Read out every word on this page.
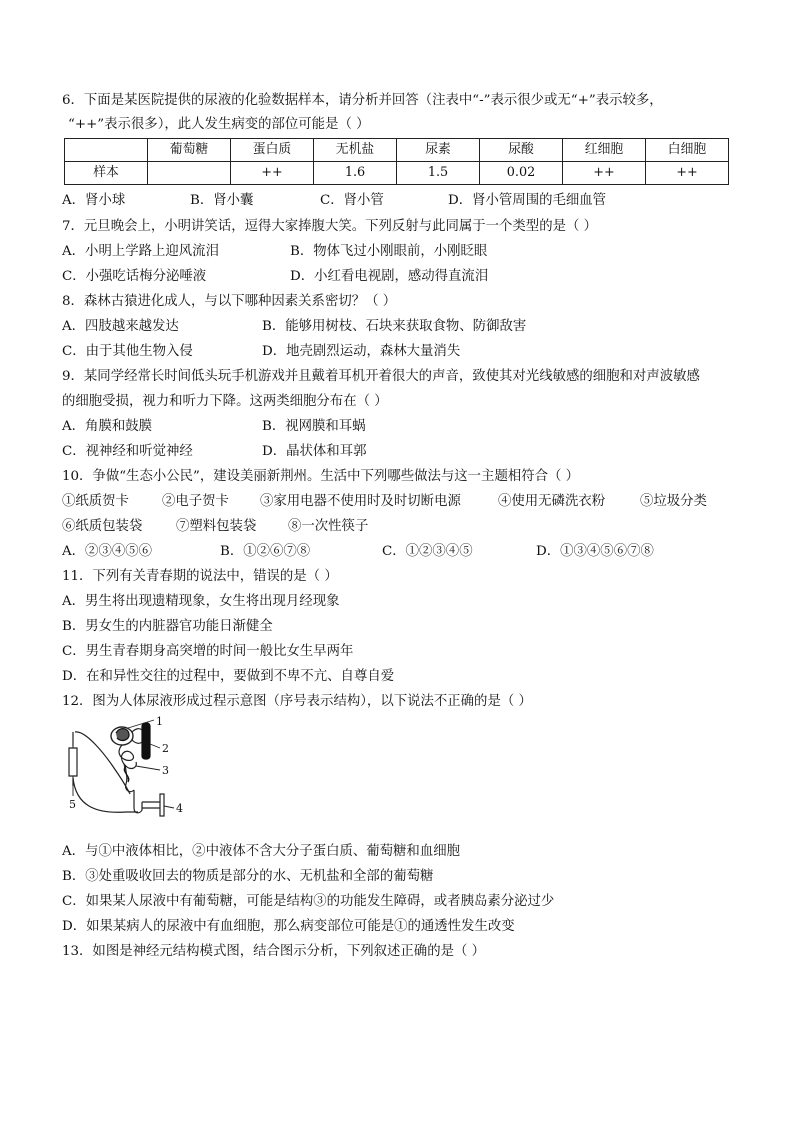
6．下面是某医院提供的尿液的化验数据样本，请分析并回答（注表中“-”表示很少或无“+”表示较多，
“++”表示很多），此人发生病变的部位可能是（ ）
	葡萄糖	蛋白质	无机盐	尿素	尿酸	红细胞	白细胞
样本		++	1.6	1.5	0.02	++	++
A．肾小球	B．肾小囊	C．肾小管	D．肾小管周围的毛细血管
7．元旦晚会上，小明讲笑话，逗得大家捧腹大笑。下列反射与此同属于一个类型的是（ ）
A．小明上学路上迎风流泪	B．物体飞过小刚眼前，小刚眨眼
C．小强吃话梅分泌唾液	D．小红看电视剧，感动得直流泪
8．森林古猿进化成人，与以下哪种因素关系密切？（ ）
A．四肢越来越发达	B．能够用树枝、石块来获取食物、防御敌害
C．由于其他生物入侵	D．地壳剧烈运动，森林大量消失
9．某同学经常长时间低头玩手机游戏并且戴着耳机开着很大的声音，致使其对光线敏感的细胞和对声波敏感
的细胞受损，视力和听力下降。这两类细胞分布在（ ）
A．角膜和鼓膜	B．视网膜和耳蜗
C．视神经和听觉神经	D．晶状体和耳郭
10．争做“生态小公民”，建设美丽新荆州。生活中下列哪些做法与这一主题相符合（ ）
①纸质贺卡 ②电子贺卡 ③家用电器不使用时及时切断电源	④使用无磷洗衣粉	⑤垃圾分类
⑥纸质包装袋	⑦塑料包装袋 ⑧一次性筷子
A．②③④⑤⑥	B．①②⑥⑦⑧	C．①②③④⑤	D．①③④⑤⑥⑦⑧
11．下列有关青春期的说法中，错误的是（ ）
A．男生将出现遗精现象，女生将出现月经现象
B．男女生的内脏器官功能日渐健全
C．男生青春期身高突增的时间一般比女生早两年
D．在和异性交往的过程中，要做到不卑不亢、自尊自爱
12．图为人体尿液形成过程示意图（序号表示结构），以下说法不正确的是（ ）
1
2
3
4
5
A．与①中液体相比，②中液体不含大分子蛋白质、葡萄糖和血细胞
B．③处重吸收回去的物质是部分的水、无机盐和全部的葡萄糖
C．如果某人尿液中有葡萄糖，可能是结构③的功能发生障碍，或者胰岛素分泌过少
D．如果某病人的尿液中有血细胞，那么病变部位可能是①的通透性发生改变
13．如图是神经元结构模式图，结合图示分析，下列叙述正确的是（ ）
